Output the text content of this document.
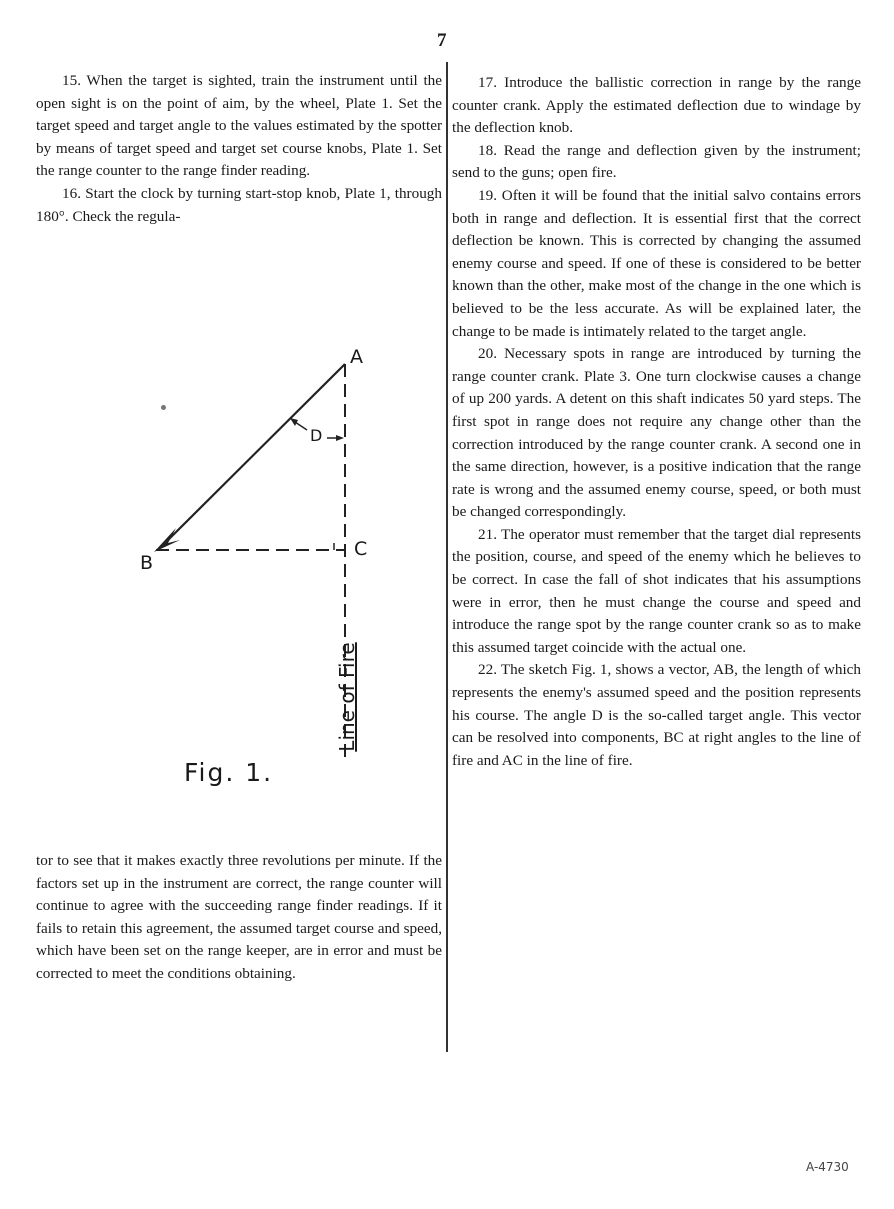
7

15. When the target is sighted, train the instrument until the open sight is on the point of aim, by the wheel, Plate 1. Set the target speed and target angle to the values estimated by the spotter by means of target speed and target set course knobs, Plate 1. Set the range counter to the range finder reading.

16. Start the clock by turning start-stop knob, Plate 1, through 180°. Check the regula-

A
B
C
D
Line of Fire
Fig. 1.

tor to see that it makes exactly three revolutions per minute. If the factors set up in the instrument are correct, the range counter will continue to agree with the succeeding range finder readings. If it fails to retain this agreement, the assumed target course and speed, which have been set on the range keeper, are in error and must be corrected to meet the conditions obtaining.

17. Introduce the ballistic correction in range by the range counter crank. Apply the estimated deflection due to windage by the deflection knob.

18. Read the range and deflection given by the instrument; send to the guns; open fire.

19. Often it will be found that the initial salvo contains errors both in range and deflection. It is essential first that the correct deflection be known. This is corrected by changing the assumed enemy course and speed. If one of these is considered to be better known than the other, make most of the change in the one which is believed to be the less accurate. As will be explained later, the change to be made is intimately related to the target angle.

20. Necessary spots in range are introduced by turning the range counter crank. Plate 3. One turn clockwise causes a change of up 200 yards. A detent on this shaft indicates 50 yard steps. The first spot in range does not require any change other than the correction introduced by the range counter crank. A second one in the same direction, however, is a positive indication that the range rate is wrong and the assumed enemy course, speed, or both must be changed correspondingly.

21. The operator must remember that the target dial represents the position, course, and speed of the enemy which he believes to be correct. In case the fall of shot indicates that his assumptions were in error, then he must change the course and speed and introduce the range spot by the range counter crank so as to make this assumed target coincide with the actual one.

22. The sketch Fig. 1, shows a vector, AB, the length of which represents the enemy's assumed speed and the position represents his course. The angle D is the so-called target angle. This vector can be resolved into components, BC at right angles to the line of fire and AC in the line of fire.

A-4730
